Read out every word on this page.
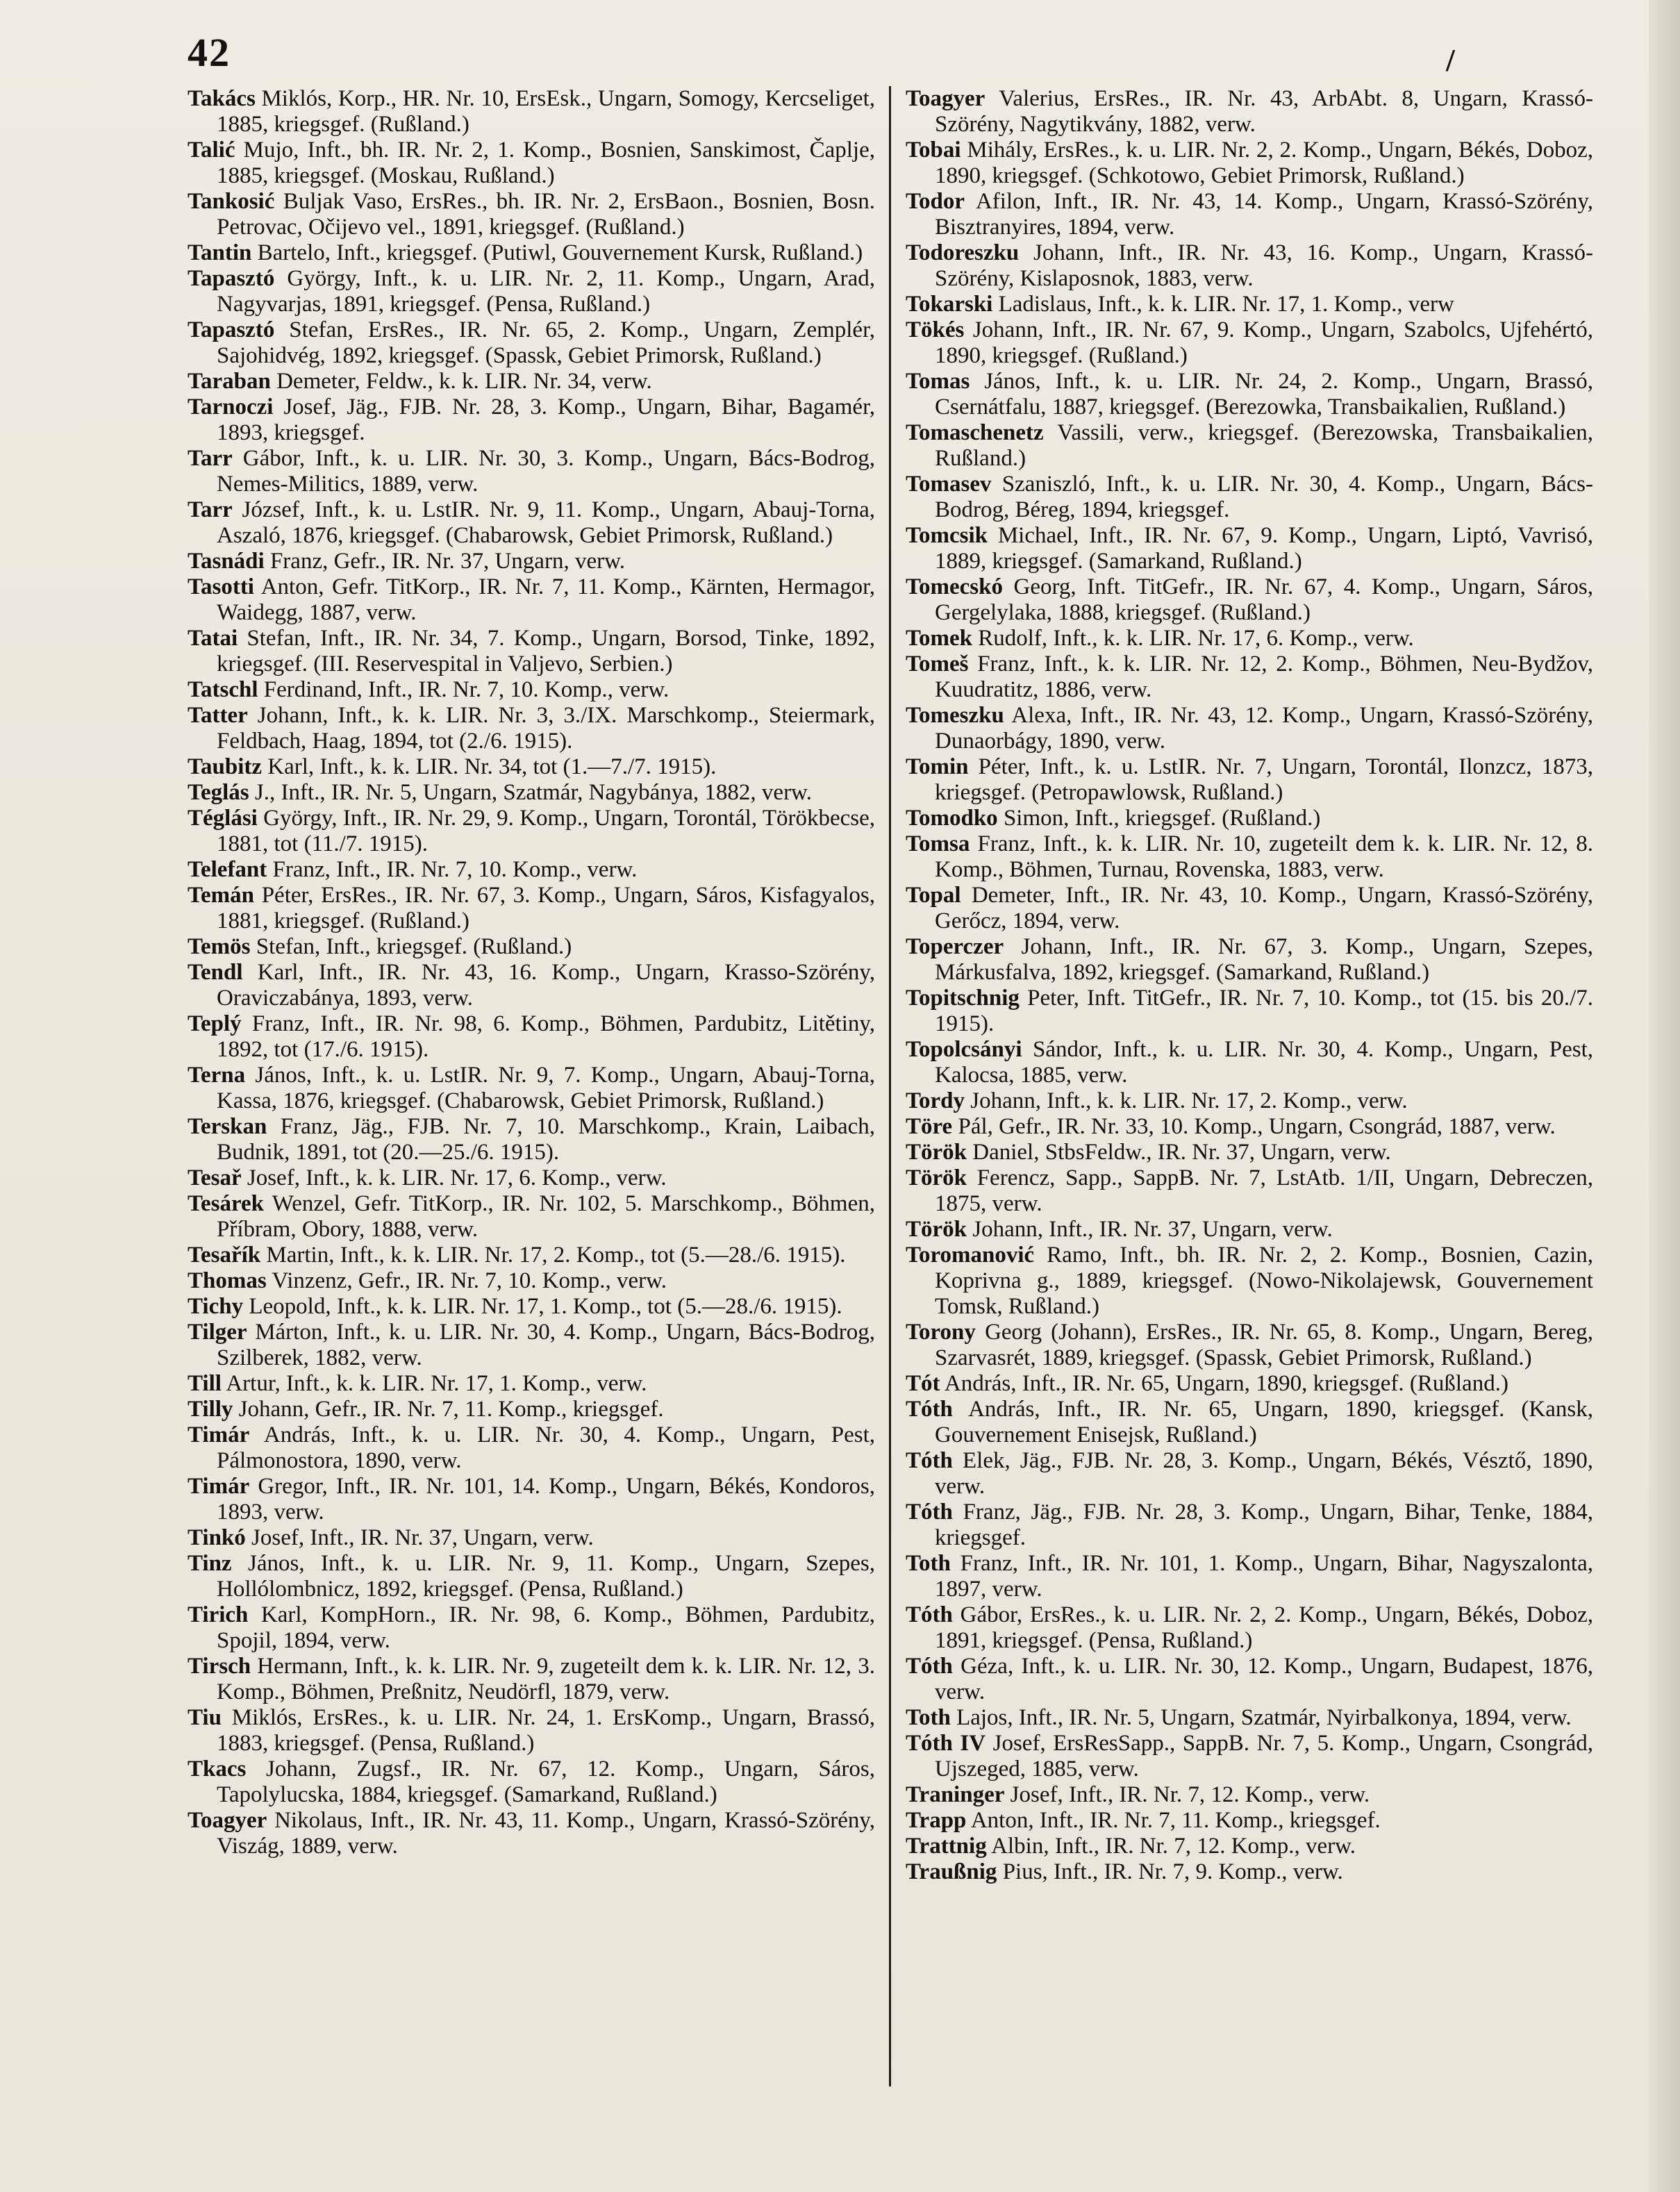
42	/

Takács Miklós, Korp., HR. Nr. 10, ErsEsk., Ungarn, Somogy, Kercseliget, 1885, kriegsgef. (Rußland.)

Talić Mujo, Inft., bh. IR. Nr. 2, 1. Komp., Bosnien, Sanskimost, Čaplje, 1885, kriegsgef. (Moskau, Rußland.)

Tankosić Buljak Vaso, ErsRes., bh. IR. Nr. 2, ErsBaon., Bosnien, Bosn. Petrovac, Očijevo vel., 1891, kriegsgef. (Rußland.)

Tantin Bartelo, Inft., kriegsgef. (Putiwl, Gouvernement Kursk, Rußland.)

Tapasztó György, Inft., k. u. LIR. Nr. 2, 11. Komp., Ungarn, Arad, Nagyvarjas, 1891, kriegsgef. (Pensa, Rußland.)

Tapasztó Stefan, ErsRes., IR. Nr. 65, 2. Komp., Ungarn, Zemplér, Sajohidvég, 1892, kriegsgef. (Spassk, Gebiet Primorsk, Rußland.)

Taraban Demeter, Feldw., k. k. LIR. Nr. 34, verw.

Tarnoczi Josef, Jäg., FJB. Nr. 28, 3. Komp., Ungarn, Bihar, Bagamér, 1893, kriegsgef.

Tarr Gábor, Inft., k. u. LIR. Nr. 30, 3. Komp., Ungarn, Bács-Bodrog, Nemes-Militics, 1889, verw.

Tarr József, Inft., k. u. LstIR. Nr. 9, 11. Komp., Ungarn, Abauj-Torna, Aszaló, 1876, kriegsgef. (Chabarowsk, Gebiet Primorsk, Rußland.)

Tasnádi Franz, Gefr., IR. Nr. 37, Ungarn, verw.

Tasotti Anton, Gefr. TitKorp., IR. Nr. 7, 11. Komp., Kärnten, Hermagor, Waidegg, 1887, verw.

Tatai Stefan, Inft., IR. Nr. 34, 7. Komp., Ungarn, Borsod, Tinke, 1892, kriegsgef. (III. Reservespital in Valjevo, Serbien.)

Tatschl Ferdinand, Inft., IR. Nr. 7, 10. Komp., verw.

Tatter Johann, Inft., k. k. LIR. Nr. 3, 3./IX. Marschkomp., Steiermark, Feldbach, Haag, 1894, tot (2./6. 1915).

Taubitz Karl, Inft., k. k. LIR. Nr. 34, tot (1.—7./7. 1915).

Teglás J., Inft., IR. Nr. 5, Ungarn, Szatmár, Nagybánya, 1882, verw.

Téglási György, Inft., IR. Nr. 29, 9. Komp., Ungarn, Torontál, Törökbecse, 1881, tot (11./7. 1915).

Telefant Franz, Inft., IR. Nr. 7, 10. Komp., verw.

Temán Péter, ErsRes., IR. Nr. 67, 3. Komp., Ungarn, Sáros, Kisfagyalos, 1881, kriegsgef. (Rußland.)

Temös Stefan, Inft., kriegsgef. (Rußland.)

Tendl Karl, Inft., IR. Nr. 43, 16. Komp., Ungarn, Krasso-Szörény, Oraviczabánya, 1893, verw.

Teplý Franz, Inft., IR. Nr. 98, 6. Komp., Böhmen, Pardubitz, Litětiny, 1892, tot (17./6. 1915).

Terna János, Inft., k. u. LstIR. Nr. 9, 7. Komp., Ungarn, Abauj-Torna, Kassa, 1876, kriegsgef. (Chabarowsk, Gebiet Primorsk, Rußland.)

Terskan Franz, Jäg., FJB. Nr. 7, 10. Marschkomp., Krain, Laibach, Budnik, 1891, tot (20.—25./6. 1915).

Tesař Josef, Inft., k. k. LIR. Nr. 17, 6. Komp., verw.

Tesárek Wenzel, Gefr. TitKorp., IR. Nr. 102, 5. Marschkomp., Böhmen, Příbram, Obory, 1888, verw.

Tesařík Martin, Inft., k. k. LIR. Nr. 17, 2. Komp., tot (5.—28./6. 1915).

Thomas Vinzenz, Gefr., IR. Nr. 7, 10. Komp., verw.

Tichy Leopold, Inft., k. k. LIR. Nr. 17, 1. Komp., tot (5.—28./6. 1915).

Tilger Márton, Inft., k. u. LIR. Nr. 30, 4. Komp., Ungarn, Bács-Bodrog, Szilberek, 1882, verw.

Till Artur, Inft., k. k. LIR. Nr. 17, 1. Komp., verw.

Tilly Johann, Gefr., IR. Nr. 7, 11. Komp., kriegsgef.

Timár András, Inft., k. u. LIR. Nr. 30, 4. Komp., Ungarn, Pest, Pálmonostora, 1890, verw.

Timár Gregor, Inft., IR. Nr. 101, 14. Komp., Ungarn, Békés, Kondoros, 1893, verw.

Tinkó Josef, Inft., IR. Nr. 37, Ungarn, verw.

Tinz János, Inft., k. u. LIR. Nr. 9, 11. Komp., Ungarn, Szepes, Hollólombnicz, 1892, kriegsgef. (Pensa, Rußland.)

Tirich Karl, KompHorn., IR. Nr. 98, 6. Komp., Böhmen, Pardubitz, Spojil, 1894, verw.

Tirsch Hermann, Inft., k. k. LIR. Nr. 9, zugeteilt dem k. k. LIR. Nr. 12, 3. Komp., Böhmen, Preßnitz, Neudörfl, 1879, verw.

Tiu Miklós, ErsRes., k. u. LIR. Nr. 24, 1. ErsKomp., Ungarn, Brassó, 1883, kriegsgef. (Pensa, Rußland.)

Tkacs Johann, Zugsf., IR. Nr. 67, 12. Komp., Ungarn, Sáros, Tapolylucska, 1884, kriegsgef. (Samarkand, Rußland.)

Toagyer Nikolaus, Inft., IR. Nr. 43, 11. Komp., Ungarn, Krassó-Szörény, Viszág, 1889, verw.

Toagyer Valerius, ErsRes., IR. Nr. 43, ArbAbt. 8, Ungarn, Krassó-Szörény, Nagytikvány, 1882, verw.

Tobai Mihály, ErsRes., k. u. LIR. Nr. 2, 2. Komp., Ungarn, Békés, Doboz, 1890, kriegsgef. (Schkotowo, Gebiet Primorsk, Rußland.)

Todor Afilon, Inft., IR. Nr. 43, 14. Komp., Ungarn, Krassó-Szörény, Bisztranyires, 1894, verw.

Todoreszku Johann, Inft., IR. Nr. 43, 16. Komp., Ungarn, Krassó-Szörény, Kislaposnok, 1883, verw.

Tokarski Ladislaus, Inft., k. k. LIR. Nr. 17, 1. Komp., verw

Tökés Johann, Inft., IR. Nr. 67, 9. Komp., Ungarn, Szabolcs, Ujfehértó, 1890, kriegsgef. (Rußland.)

Tomas János, Inft., k. u. LIR. Nr. 24, 2. Komp., Ungarn, Brassó, Csernátfalu, 1887, kriegsgef. (Berezowka, Transbaikalien, Rußland.)

Tomaschenetz Vassili, verw., kriegsgef. (Berezowska, Transbaikalien, Rußland.)

Tomasev Szaniszló, Inft., k. u. LIR. Nr. 30, 4. Komp., Ungarn, Bács-Bodrog, Béreg, 1894, kriegsgef.

Tomcsik Michael, Inft., IR. Nr. 67, 9. Komp., Ungarn, Liptó, Vavrisó, 1889, kriegsgef. (Samarkand, Rußland.)

Tomecskó Georg, Inft. TitGefr., IR. Nr. 67, 4. Komp., Ungarn, Sáros, Gergelylaka, 1888, kriegsgef. (Rußland.)

Tomek Rudolf, Inft., k. k. LIR. Nr. 17, 6. Komp., verw.

Tomeš Franz, Inft., k. k. LIR. Nr. 12, 2. Komp., Böhmen, Neu-Bydžov, Kuudratitz, 1886, verw.

Tomeszku Alexa, Inft., IR. Nr. 43, 12. Komp., Ungarn, Krassó-Szörény, Dunaorbágy, 1890, verw.

Tomin Péter, Inft., k. u. LstIR. Nr. 7, Ungarn, Torontál, Ilonzcz, 1873, kriegsgef. (Petropawlowsk, Rußland.)

Tomodko Simon, Inft., kriegsgef. (Rußland.)

Tomsa Franz, Inft., k. k. LIR. Nr. 10, zugeteilt dem k. k. LIR. Nr. 12, 8. Komp., Böhmen, Turnau, Rovenska, 1883, verw.

Topal Demeter, Inft., IR. Nr. 43, 10. Komp., Ungarn, Krassó-Szörény, Gerőcz, 1894, verw.

Toperczer Johann, Inft., IR. Nr. 67, 3. Komp., Ungarn, Szepes, Márkusfalva, 1892, kriegsgef. (Samarkand, Rußland.)

Topitschnig Peter, Inft. TitGefr., IR. Nr. 7, 10. Komp., tot (15. bis 20./7. 1915).

Topolcsányi Sándor, Inft., k. u. LIR. Nr. 30, 4. Komp., Ungarn, Pest, Kalocsa, 1885, verw.

Tordy Johann, Inft., k. k. LIR. Nr. 17, 2. Komp., verw.

Töre Pál, Gefr., IR. Nr. 33, 10. Komp., Ungarn, Csongrád, 1887, verw.

Török Daniel, StbsFeldw., IR. Nr. 37, Ungarn, verw.

Török Ferencz, Sapp., SappB. Nr. 7, LstAtb. 1/II, Ungarn, Debreczen, 1875, verw.

Török Johann, Inft., IR. Nr. 37, Ungarn, verw.

Toromanović Ramo, Inft., bh. IR. Nr. 2, 2. Komp., Bosnien, Cazin, Koprivna g., 1889, kriegsgef. (Nowo-Nikolajewsk, Gouvernement Tomsk, Rußland.)

Torony Georg (Johann), ErsRes., IR. Nr. 65, 8. Komp., Ungarn, Bereg, Szarvasrét, 1889, kriegsgef. (Spassk, Gebiet Primorsk, Rußland.)

Tót András, Inft., IR. Nr. 65, Ungarn, 1890, kriegsgef. (Rußland.)

Tóth András, Inft., IR. Nr. 65, Ungarn, 1890, kriegsgef. (Kansk, Gouvernement Enisejsk, Rußland.)

Tóth Elek, Jäg., FJB. Nr. 28, 3. Komp., Ungarn, Békés, Vésztő, 1890, verw.

Tóth Franz, Jäg., FJB. Nr. 28, 3. Komp., Ungarn, Bihar, Tenke, 1884, kriegsgef.

Toth Franz, Inft., IR. Nr. 101, 1. Komp., Ungarn, Bihar, Nagyszalonta, 1897, verw.

Tóth Gábor, ErsRes., k. u. LIR. Nr. 2, 2. Komp., Ungarn, Békés, Doboz, 1891, kriegsgef. (Pensa, Rußland.)

Tóth Géza, Inft., k. u. LIR. Nr. 30, 12. Komp., Ungarn, Budapest, 1876, verw.

Toth Lajos, Inft., IR. Nr. 5, Ungarn, Szatmár, Nyirbalkonya, 1894, verw.

Tóth IV Josef, ErsResSapp., SappB. Nr. 7, 5. Komp., Ungarn, Csongrád, Ujszeged, 1885, verw.

Traninger Josef, Inft., IR. Nr. 7, 12. Komp., verw.

Trapp Anton, Inft., IR. Nr. 7, 11. Komp., kriegsgef.

Trattnig Albin, Inft., IR. Nr. 7, 12. Komp., verw.

Traußnig Pius, Inft., IR. Nr. 7, 9. Komp., verw.
